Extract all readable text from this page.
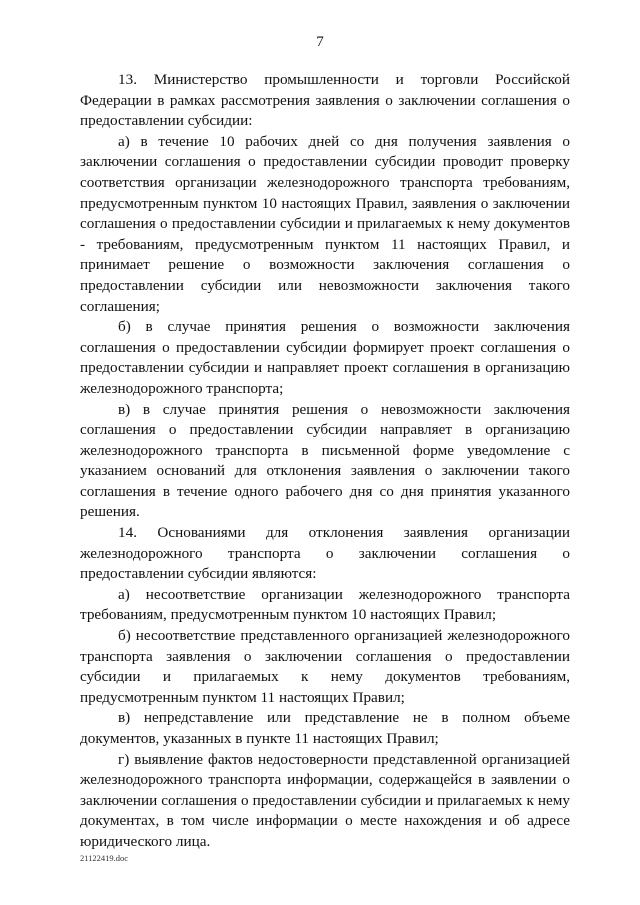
7

13. Министерство промышленности и торговли Российской Федерации в рамках рассмотрения заявления о заключении соглашения о предоставлении субсидии:

а) в течение 10 рабочих дней со дня получения заявления о заключении соглашения о предоставлении субсидии проводит проверку соответствия организации железнодорожного транспорта требованиям, предусмотренным пунктом 10 настоящих Правил, заявления о заключении соглашения о предоставлении субсидии и прилагаемых к нему документов - требованиям, предусмотренным пунктом 11 настоящих Правил, и принимает решение о возможности заключения соглашения о предоставлении субсидии или невозможности заключения такого соглашения;

б) в случае принятия решения о возможности заключения соглашения о предоставлении субсидии формирует проект соглашения о предоставлении субсидии и направляет проект соглашения в организацию железнодорожного транспорта;

в) в случае принятия решения о невозможности заключения соглашения о предоставлении субсидии направляет в организацию железнодорожного транспорта в письменной форме уведомление с указанием оснований для отклонения заявления о заключении такого соглашения в течение одного рабочего дня со дня принятия указанного решения.

14. Основаниями для отклонения заявления организации железнодорожного транспорта о заключении соглашения о предоставлении субсидии являются:

а) несоответствие организации железнодорожного транспорта требованиям, предусмотренным пунктом 10 настоящих Правил;

б) несоответствие представленного организацией железнодорожного транспорта заявления о заключении соглашения о предоставлении субсидии и прилагаемых к нему документов требованиям, предусмотренным пунктом 11 настоящих Правил;

в) непредставление или представление не в полном объеме документов, указанных в пункте 11 настоящих Правил;

г) выявление фактов недостоверности представленной организацией железнодорожного транспорта информации, содержащейся в заявлении о заключении соглашения о предоставлении субсидии и прилагаемых к нему документах, в том числе информации о месте нахождения и об адресе юридического лица.

21122419.doc
